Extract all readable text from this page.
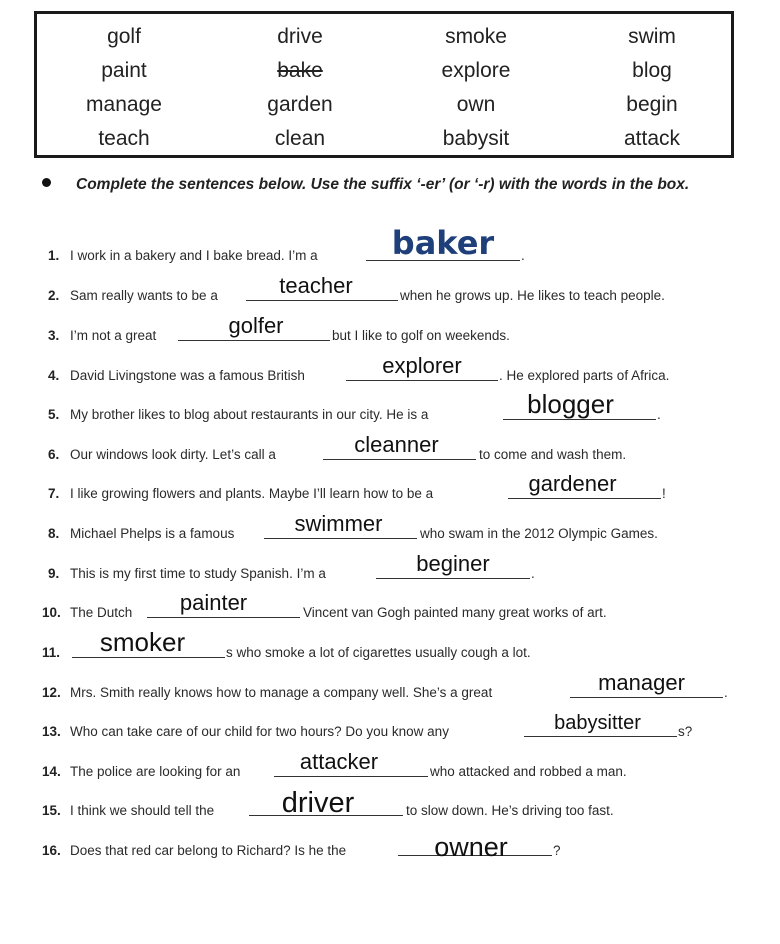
golf	drive	smoke	swim
paint	bake	explore	blog
manage	garden	own	begin
teach	clean	babysit	attack
Complete the sentences below. Use the suffix ‘-er’ (or ‘-r) with the words in the box.
1. I work in a bakery and I bake bread. I’m a	baker	.
2. Sam really wants to be a	teacher	when he grows up. He likes to teach people.
3. I’m not a great	golfer	but I like to golf on weekends.
4. David Livingstone was a famous British	explorer	. He explored parts of Africa.
5. My brother likes to blog about restaurants in our city. He is a	blogger	.
6. Our windows look dirty. Let’s call a	cleanner	to come and wash them.
7. I like growing flowers and plants. Maybe I’ll learn how to be a	gardener	!
8. Michael Phelps is a famous	swimmer	who swam in the 2012 Olympic Games.
9. This is my first time to study Spanish. I’m a	beginer	.
10. The Dutch	painter	Vincent van Gogh painted many great works of art.
11.	smoker	s who smoke a lot of cigarettes usually cough a lot.
12. Mrs. Smith really knows how to manage a company well. She’s a great	manager	.
13. Who can take care of our child for two hours? Do you know any	babysitter	s?
14. The police are looking for an	attacker	who attacked and robbed a man.
15. I think we should tell the	driver	to slow down. He’s driving too fast.
16. Does that red car belong to Richard? Is he the	owner	?
